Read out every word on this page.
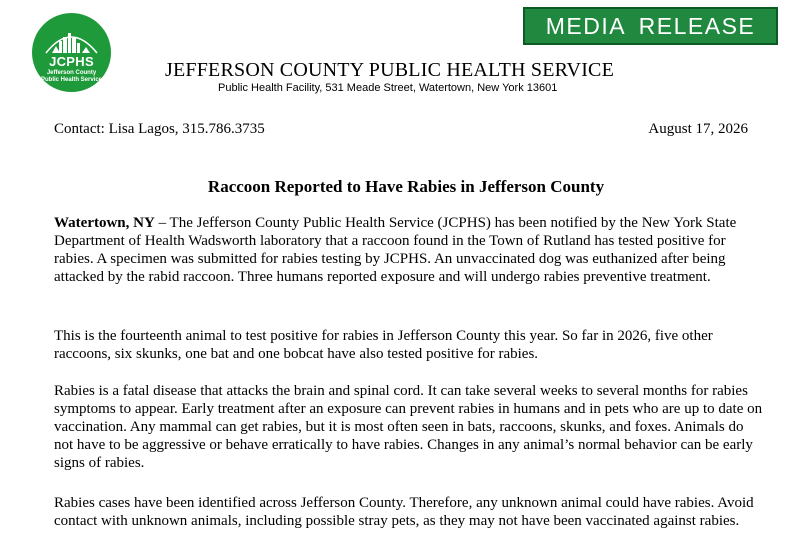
JCPHS
Jefferson County
Public Health Service
MEDIA RELEASE
JEFFERSON COUNTY PUBLIC HEALTH SERVICE
Public Health Facility, 531 Meade Street, Watertown, New York 13601
Contact: Lisa Lagos, 315.786.3735	August 17, 2026
Raccoon Reported to Have Rabies in Jefferson County

Watertown, NY – The Jefferson County Public Health Service (JCPHS) has been notified by the New York State Department of Health Wadsworth laboratory that a raccoon found in the Town of Rutland has tested positive for rabies. A specimen was submitted for rabies testing by JCPHS. An unvaccinated dog was euthanized after being attacked by the rabid raccoon. Three humans reported exposure and will undergo rabies preventive treatment.

This is the fourteenth animal to test positive for rabies in Jefferson County this year. So far in 2026, five other raccoons, six skunks, one bat and one bobcat have also tested positive for rabies.

Rabies is a fatal disease that attacks the brain and spinal cord. It can take several weeks to several months for rabies symptoms to appear. Early treatment after an exposure can prevent rabies in humans and in pets who are up to date on vaccination. Any mammal can get rabies, but it is most often seen in bats, raccoons, skunks, and foxes. Animals do not have to be aggressive or behave erratically to have rabies. Changes in any animal’s normal behavior can be early signs of rabies.

Rabies cases have been identified across Jefferson County. Therefore, any unknown animal could have rabies. Avoid contact with unknown animals, including possible stray pets, as they may not have been vaccinated against rabies.
